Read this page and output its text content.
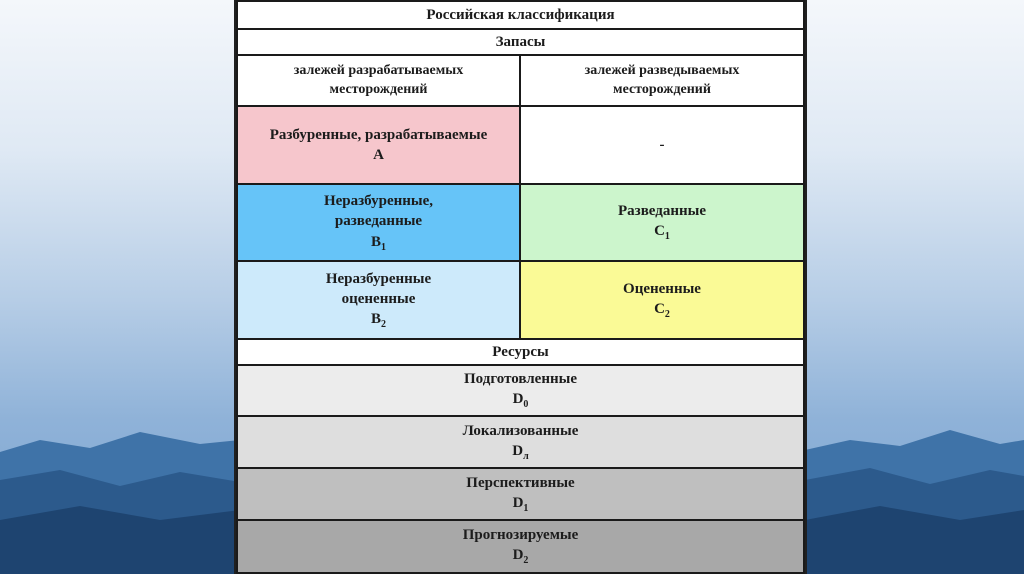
Российская классификация
Запасы
залежей разрабатываемых
месторождений
залежей разведываемых
месторождений
Разбуренные, разрабатываемые
A
-
Неразбуренные,
разведанные
$B_1$
Разведанные
$C_1$
Неразбуренные
оцененные
$B_2$
Оцененные
$C_2$
Ресурсы
Подготовленные
$D_0$
Локализованные
$D_л$
Перспективные
$D_1$
Прогнозируемые
$D_2$
